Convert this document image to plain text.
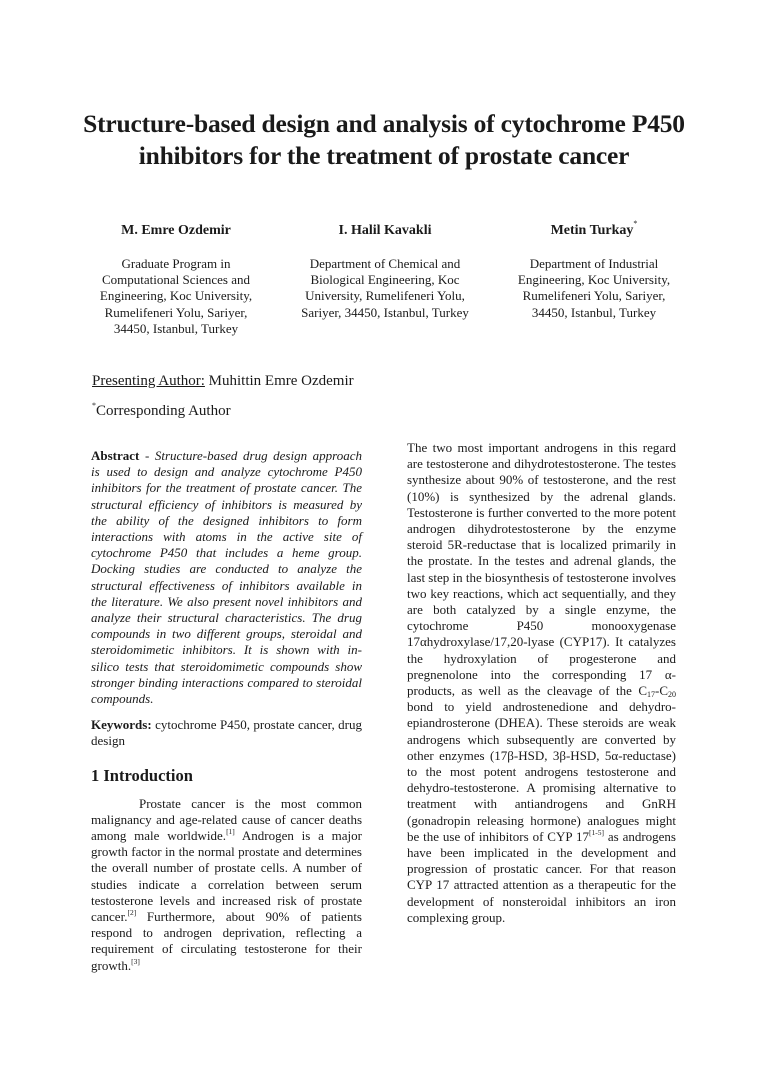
Structure-based design and analysis of cytochrome P450 inhibitors for the treatment of prostate cancer

M. Emre Ozdemir

Graduate Program in Computational Sciences and Engineering, Koc University, Rumelifeneri Yolu, Sariyer, 34450, Istanbul, Turkey

I. Halil Kavakli

Department of Chemical and Biological Engineering, Koc University, Rumelifeneri Yolu, Sariyer, 34450, Istanbul, Turkey

Metin Turkay*

Department of Industrial Engineering, Koc University, Rumelifeneri Yolu, Sariyer, 34450, Istanbul, Turkey

Presenting Author: Muhittin Emre Ozdemir
*Corresponding Author

Abstract - Structure-based drug design approach is used to design and analyze cytochrome P450 inhibitors for the treatment of prostate cancer. The structural efficiency of inhibitors is measured by the ability of the designed inhibitors to form interactions with atoms in the active site of cytochrome P450 that includes a heme group. Docking studies are conducted to analyze the structural effectiveness of inhibitors available in the literature. We also present novel inhibitors and analyze their structural characteristics. The drug compounds in two different groups, steroidal and steroidomimetic inhibitors. It is shown with in-silico tests that steroidomimetic compounds show stronger binding interactions compared to steroidal compounds.

Keywords: cytochrome P450, prostate cancer, drug design

1 Introduction

Prostate cancer is the most common malignancy and age-related cause of cancer deaths among male worldwide.[1] Androgen is a major growth factor in the normal prostate and determines the overall number of prostate cells. A number of studies indicate a correlation between serum testosterone levels and increased risk of prostate cancer.[2] Furthermore, about 90% of patients respond to androgen deprivation, reflecting a requirement of circulating testosterone for their growth.[3]

The two most important androgens in this regard are testosterone and dihydrotestosterone. The testes synthesize about 90% of testosterone, and the rest (10%) is synthesized by the adrenal glands. Testosterone is further converted to the more potent androgen dihydrotestosterone by the enzyme steroid 5R-reductase that is localized primarily in the prostate. In the testes and adrenal glands, the last step in the biosynthesis of testosterone involves two key reactions, which act sequentially, and they are both catalyzed by a single enzyme, the cytochrome P450 monooxygenase 17αhydroxylase/17,20-lyase (CYP17). It catalyzes the hydroxylation of progesterone and pregnenolone into the corresponding 17 α-products, as well as the cleavage of the $C_{17}-C_{20}$ bond to yield androstenedione and dehydro-epiandrosterone (DHEA). These steroids are weak androgens which subsequently are converted by other enzymes (17β-HSD, 3β-HSD, 5α-reductase) to the most potent androgens testosterone and dehydro-testosterone. A promising alternative to treatment with antiandrogens and GnRH (gonadropin releasing hormone) analogues might be the use of inhibitors of CYP 17[1-5] as androgens have been implicated in the development and progression of prostatic cancer. For that reason CYP 17 attracted attention as a therapeutic for the development of nonsteroidal inhibitors an iron complexing group.
